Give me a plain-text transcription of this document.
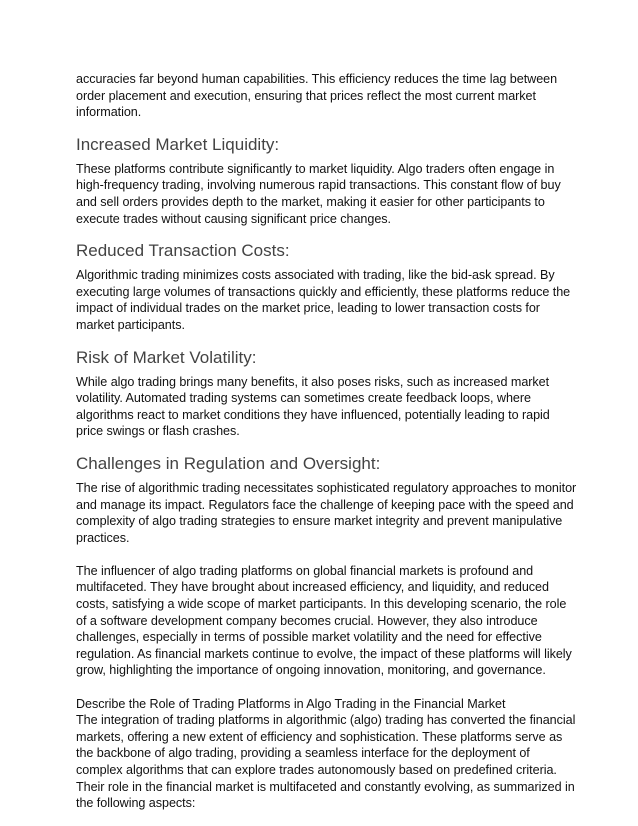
accuracies far beyond human capabilities. This efficiency reduces the time lag between order placement and execution, ensuring that prices reflect the most current market information.

Increased Market Liquidity:

These platforms contribute significantly to market liquidity. Algo traders often engage in high-frequency trading, involving numerous rapid transactions. This constant flow of buy and sell orders provides depth to the market, making it easier for other participants to execute trades without causing significant price changes.

Reduced Transaction Costs:

Algorithmic trading minimizes costs associated with trading, like the bid-ask spread. By executing large volumes of transactions quickly and efficiently, these platforms reduce the impact of individual trades on the market price, leading to lower transaction costs for market participants.

Risk of Market Volatility:

While algo trading brings many benefits, it also poses risks, such as increased market volatility. Automated trading systems can sometimes create feedback loops, where algorithms react to market conditions they have influenced, potentially leading to rapid price swings or flash crashes.

Challenges in Regulation and Oversight:

The rise of algorithmic trading necessitates sophisticated regulatory approaches to monitor and manage its impact. Regulators face the challenge of keeping pace with the speed and complexity of algo trading strategies to ensure market integrity and prevent manipulative practices.

The influencer of algo trading platforms on global financial markets is profound and multifaceted. They have brought about increased efficiency, and liquidity, and reduced costs, satisfying a wide scope of market participants. In this developing scenario, the role of a software development company becomes crucial. However, they also introduce challenges, especially in terms of possible market volatility and the need for effective regulation. As financial markets continue to evolve, the impact of these platforms will likely grow, highlighting the importance of ongoing innovation, monitoring, and governance.

Describe the Role of Trading Platforms in Algo Trading in the Financial Market

The integration of trading platforms in algorithmic (algo) trading has converted the financial markets, offering a new extent of efficiency and sophistication. These platforms serve as the backbone of algo trading, providing a seamless interface for the deployment of complex algorithms that can explore trades autonomously based on predefined criteria. Their role in the financial market is multifaceted and constantly evolving, as summarized in the following aspects:
